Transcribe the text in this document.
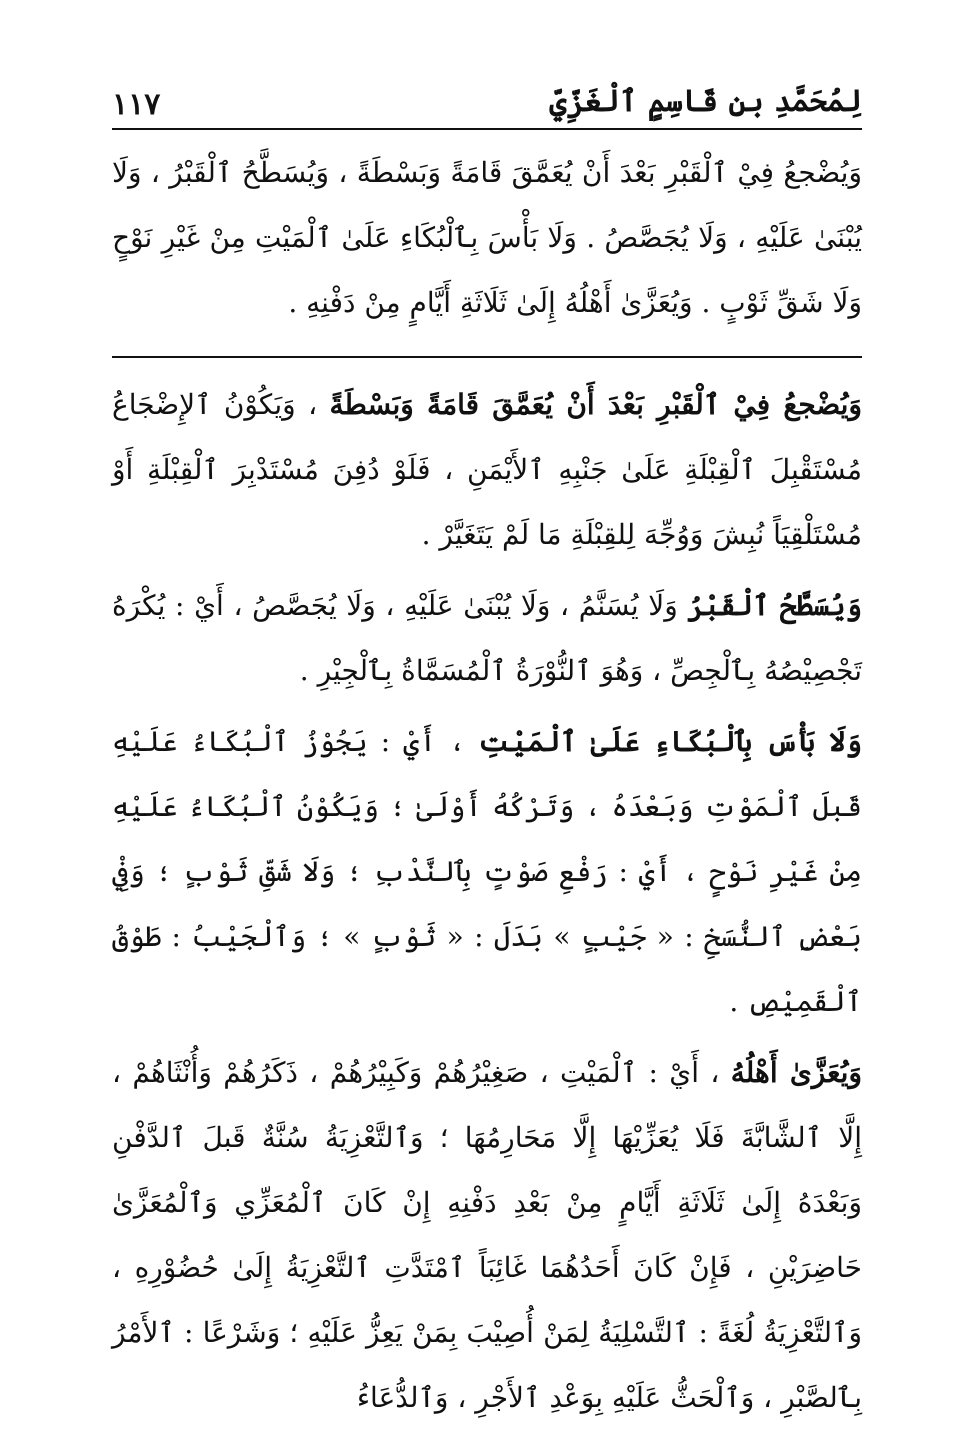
١١٧	لِمُحَمَّدِ بنِ قَاسِمٍ ٱلْغَزِّيِّ

وَيُضْجعُ فِيْ ٱلْقَبْرِ بَعْدَ أَنْ يُعَمَّقَ قَامَةً وَبَسْطَةً ، وَيُسَطَّحُ ٱلْقَبْرُ ، وَلَا يُبْنَىٰ عَلَيْهِ ، وَلَا يُجَصَّصُ . وَلَا بَأْسَ بِٱلْبُكَاءِ عَلَىٰ ٱلْمَيْتِ مِنْ غَيْرِ نَوْحٍ وَلَا شَقِّ ثَوْبٍ . وَيُعَزَّىٰ أَهْلُهُ إِلَىٰ ثَلَاثَةِ أَيَّامٍ مِنْ دَفْنِهِ .

وَيُضْجعُ فِيْ ٱلْقَبْرِ بَعْدَ أَنْ يُعَمَّقَ قَامَةً وَبَسْطَةً ، وَيَكُوْنُ ٱلإِضْجَاعُ مُسْتَقْبِلَ ٱلْقِبْلَةِ عَلَىٰ جَنْبِهِ ٱلأَيْمَنِ ، فَلَوْ دُفِنَ مُسْتَدْبِرَ ٱلْقِبْلَةِ أَوْ مُسْتَلْقِيَاً نُبِشَ وَوُجِّهَ لِلقِبْلَةِ مَا لَمْ يَتَغَيَّرْ .

وَيُسَطَّحُ ٱلْقَبْرُ وَلَا يُسَنَّمُ ، وَلَا يُبْنَىٰ عَلَيْهِ ، وَلَا يُجَصَّصُ ، أَيْ : يُكْرَهُ تَجْصِيْصُهُ بِٱلْجِصِّ ، وَهُوَ ٱلنُّوْرَةُ ٱلْمُسَمَّاةُ بِٱلْجِيْرِ .

وَلَا بَأْسَ بِٱلْبُكَاءِ عَلَىٰ ٱلْمَيْتِ ، أَيْ : يَجُوْزُ ٱلْبُكَاءُ عَلَيْهِ قَبلَ ٱلْمَوْتِ وَبَعْدَهُ ، وَتَرْكُهُ أَوْلَىٰ ؛ وَيَكُوْنُ ٱلْبُكَاءُ عَلَيْهِ مِنْ غَيْرِ نَوْحٍ ، أَيْ : رَفْعِ صَوْتٍ بِٱلنَّدْبِ ؛ وَلَا شَقِّ ثَوْبٍ ؛ وَفِيْ بَعْضِ ٱلنُّسَخِ : « جَيْبٍ » بَدَلَ : « ثَوْبٍ » ؛ وَٱلْجَيْبُ : طَوْقُ ٱلْقَمِيْصِ .

وَيُعَزَّىٰ أَهْلُهُ ، أَيْ : ٱلْمَيْتِ ، صَغِيْرُهُمْ وَكَبِيْرُهُمْ ، ذَكَرُهُمْ وَأُنْثَاهُمْ ، إِلَّا ٱلشَّابَّةَ فَلَا يُعَزِّيْهَا إِلَّا مَحَارِمُهَا ؛ وَٱلتَّعْزِيَةُ سُنَّةٌ قَبلَ ٱلدَّفْنِ وَبَعْدَهُ إِلَىٰ ثَلَاثَةِ أَيَّامٍ مِنْ بَعْدِ دَفْنِهِ إِنْ كَانَ ٱلْمُعَزِّي وَٱلْمُعَزَّىٰ حَاضِرَيْنِ ، فَإِنْ كَانَ أَحَدُهُمَا غَائِبَاً ٱمْتَدَّتِ ٱلتَّعْزِيَةُ إِلَىٰ حُضُوْرِهِ ، وَٱلتَّعْزِيَةُ لُغَةً : ٱلتَّسْلِيَةُ لِمَنْ أُصِيْبَ بِمَنْ يَعِزُّ عَلَيْهِ ؛ وَشَرْعًا : ٱلأَمْرُ بِٱلصَّبْرِ ، وَٱلْحَثُّ عَلَيْهِ بِوَعْدِ ٱلأَجْرِ ، وَٱلدُّعَاءُ
